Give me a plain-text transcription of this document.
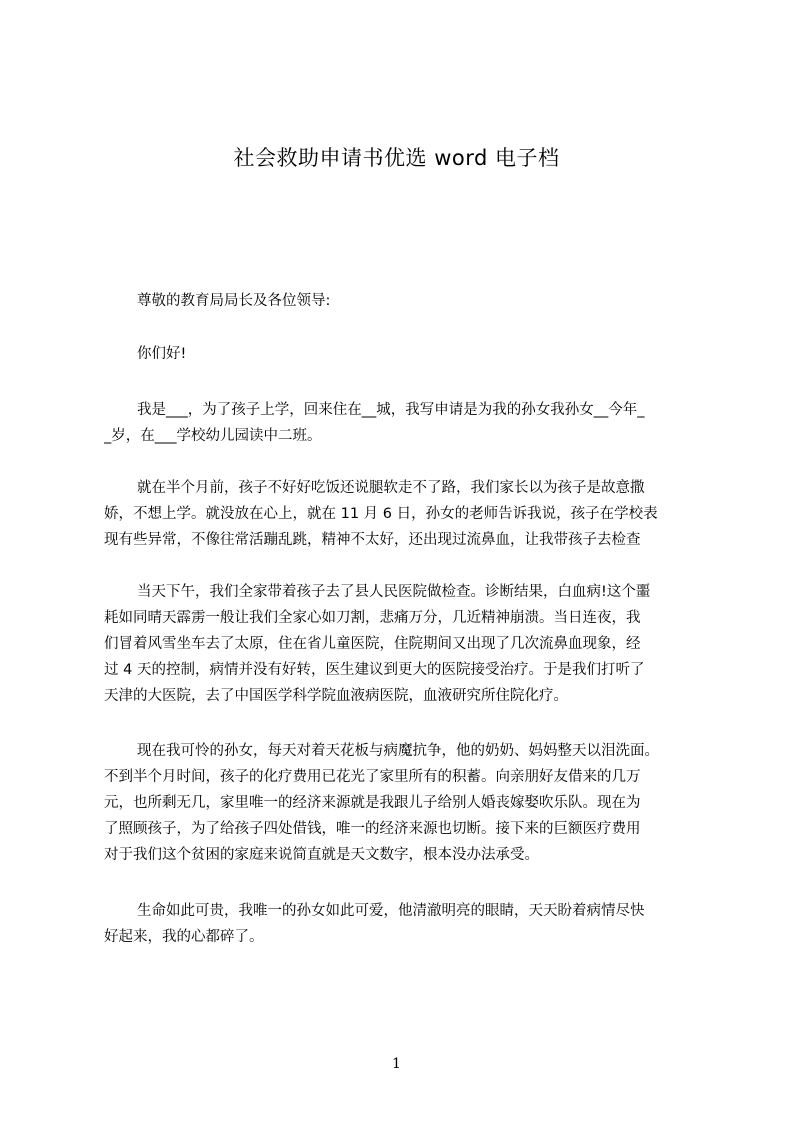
社会救助申请书优选 word 电子档
尊敬的教育局局长及各位领导:
你们好!
我是___，为了孩子上学，回来住在__城，我写申请是为我的孙女我孙女__今年_
_岁，在___学校幼儿园读中二班。
就在半个月前，孩子不好好吃饭还说腿软走不了路，我们家长以为孩子是故意撒
娇，不想上学。就没放在心上，就在 11 月 6 日，孙女的老师告诉我说，孩子在学校表
现有些异常，不像往常活蹦乱跳，精神不太好，还出现过流鼻血，让我带孩子去检查
当天下午，我们全家带着孩子去了县人民医院做检查。诊断结果，白血病!这个噩
耗如同晴天霹雳一般让我们全家心如刀割，悲痛万分，几近精神崩溃。当日连夜，我
们冒着风雪坐车去了太原，住在省儿童医院，住院期间又出现了几次流鼻血现象，经
过 4 天的控制，病情并没有好转，医生建议到更大的医院接受治疗。于是我们打听了
天津的大医院，去了中国医学科学院血液病医院，血液研究所住院化疗。
现在我可怜的孙女，每天对着天花板与病魔抗争，他的奶奶、妈妈整天以泪洗面。
不到半个月时间，孩子的化疗费用已花光了家里所有的积蓄。向亲朋好友借来的几万
元，也所剩无几，家里唯一的经济来源就是我跟儿子给别人婚丧嫁娶吹乐队。现在为
了照顾孩子，为了给孩子四处借钱，唯一的经济来源也切断。接下来的巨额医疗费用
对于我们这个贫困的家庭来说简直就是天文数字，根本没办法承受。
生命如此可贵，我唯一的孙女如此可爱，他清澈明亮的眼睛，天天盼着病情尽快
好起来，我的心都碎了。
1
